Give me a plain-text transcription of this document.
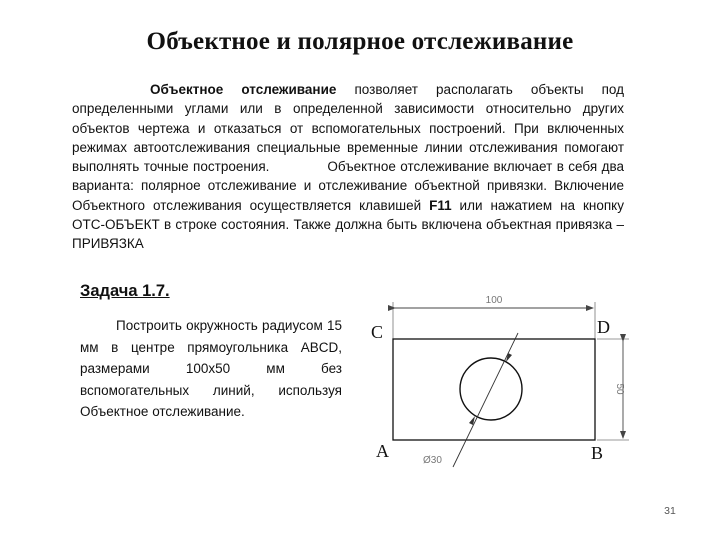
Объектное и полярное отслеживание
Объектное отслеживание позволяет располагать объекты под определенными углами или в определенной зависимости относительно других объектов чертежа и отказаться от вспомогательных построений. При включенных режимах автоотслеживания специальные временные линии отслеживания помогают выполнять точные построения.	Объектное отслеживание включает в себя два варианта: полярное отслеживание и отслеживание объектной привязки. Включение Объектного отслеживания осуществляется клавишей F11 или нажатием на кнопку ОТС-ОБЪЕКТ в строке состояния. Также должна быть включена объектная привязка – ПРИВЯЗКА
Задача 1.7.
Построить окружность радиусом 15 мм в центре прямоугольника ABCD, размерами 100х50 мм без вспомогательных линий, используя Объектное отслеживание.
100
50
Ø30
C	D
A	B
31
